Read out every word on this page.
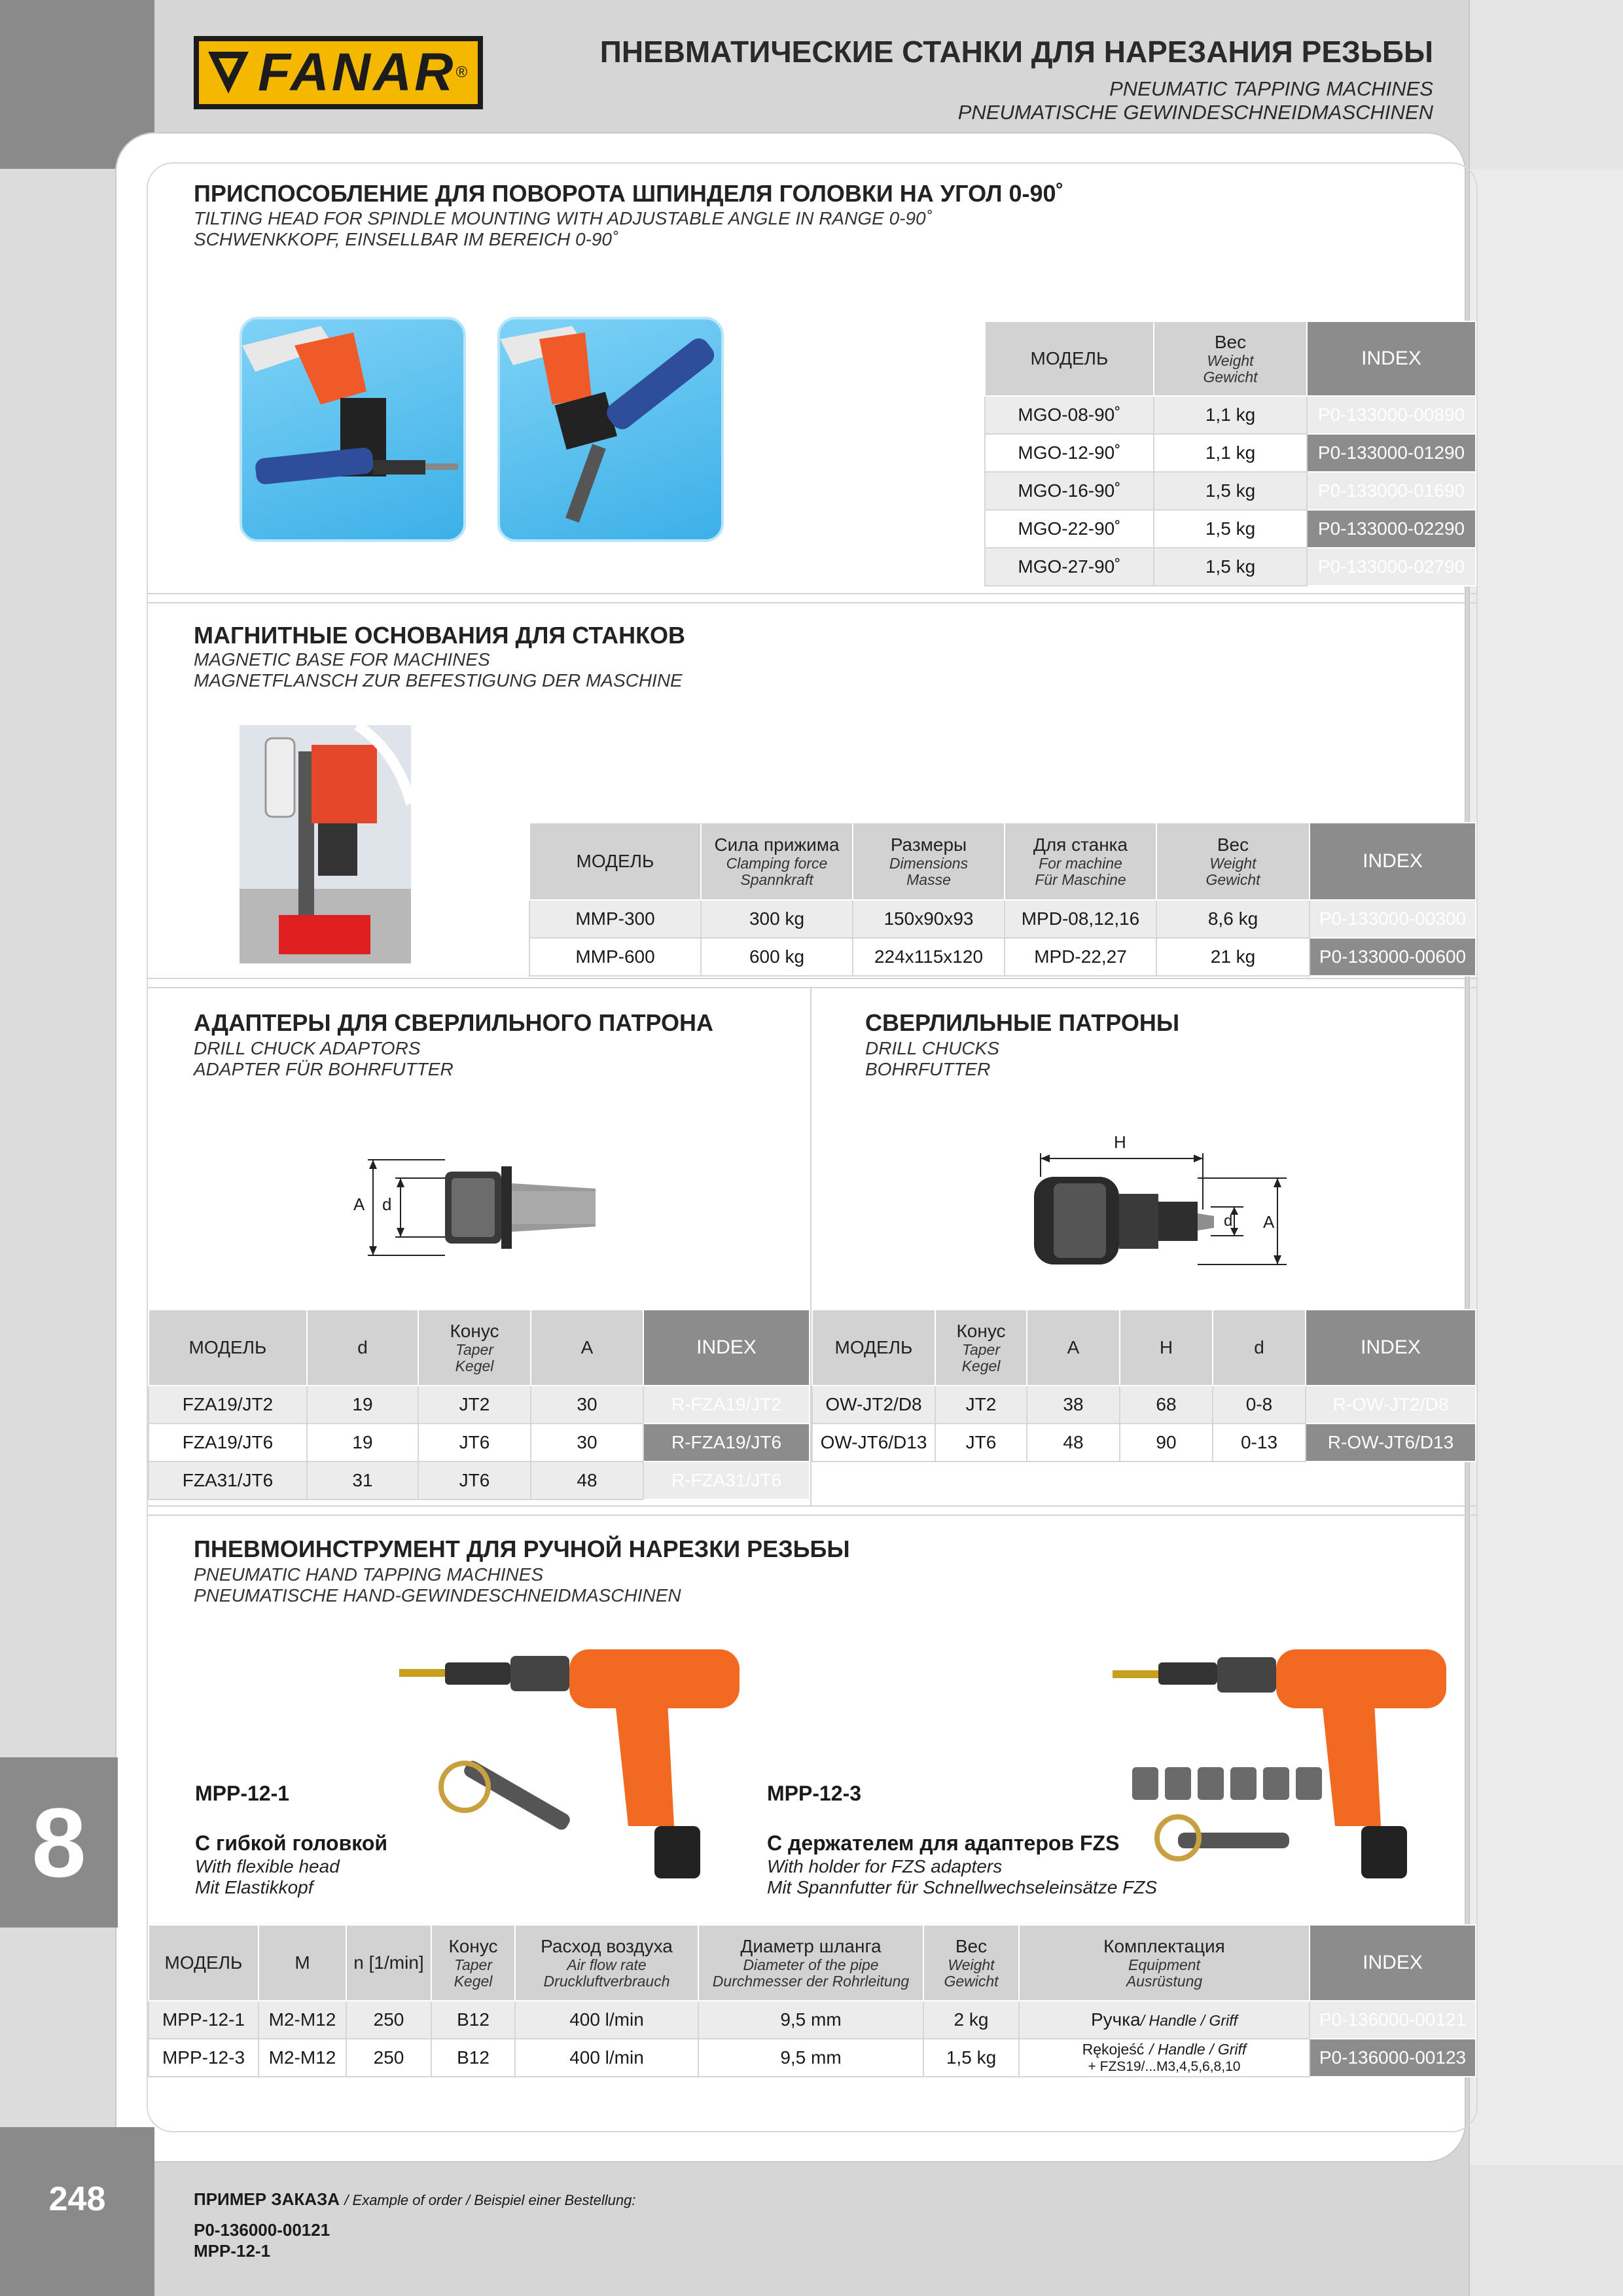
FANAR ®
ПНЕВМАТИЧЕСКИЕ СТАНКИ ДЛЯ НАРЕЗАНИЯ РЕЗЬБЫ
PNEUMATIC TAPPING MACHINES
PNEUMATISCHE GEWINDESCHNEIDMASCHINEN
ПРИСПОСОБЛЕНИЕ ДЛЯ ПОВОРОТА ШПИНДЕЛЯ ГОЛОВКИ НА УГОЛ 0-90˚
TILTING HEAD FOR SPINDLE MOUNTING WITH ADJUSTABLE ANGLE IN RANGE 0-90˚
SCHWENKKOPF, EINSELLBAR IM BEREICH 0-90˚
МОДЕЛЬ	Вес
Weight
Gewicht	INDEX
MGO-08-90˚	1,1 kg	P0-133000-00890
MGO-12-90˚	1,1 kg	P0-133000-01290
MGO-16-90˚	1,5 kg	P0-133000-01690
MGO-22-90˚	1,5 kg	P0-133000-02290
MGO-27-90˚	1,5 kg	P0-133000-02790
МАГНИТНЫЕ ОСНОВАНИЯ ДЛЯ СТАНКОВ
MAGNETIC BASE FOR MACHINES
MAGNETFLANSCH ZUR BEFESTIGUNG DER MASCHINE
МОДЕЛЬ	Сила прижима
Clamping force
Spannkraft	Размеры
Dimensions
Masse	Для станка
For machine
Für Maschine	Вес
Weight
Gewicht	INDEX
MMP-300	300 kg	150x90x93	MPD-08,12,16	8,6 kg	P0-133000-00300
MMP-600	600 kg	224x115x120	MPD-22,27	21 kg	P0-133000-00600
АДАПТЕРЫ ДЛЯ СВЕРЛИЛЬНОГО ПАТРОНА
DRILL CHUCK ADAPTORS
ADAPTER FÜR BOHRFUTTER
A d
СВЕРЛИЛЬНЫЕ ПАТРОНЫ
DRILL CHUCKS
BOHRFUTTER
H
d A
МОДЕЛЬ	d	Конус
Taper
Kegel	A	INDEX
FZA19/JT2	19	JT2	30	R-FZA19/JT2
FZA19/JT6	19	JT6	30	R-FZA19/JT6
FZA31/JT6	31	JT6	48	R-FZA31/JT6
МОДЕЛЬ	Конус
Taper
Kegel	A	H	d	INDEX
OW-JT2/D8	JT2	38	68	0-8	R-OW-JT2/D8
OW-JT6/D13	JT6	48	90	0-13	R-OW-JT6/D13
ПНЕВМОИНСТРУМЕНТ ДЛЯ РУЧНОЙ НАРЕЗКИ РЕЗЬБЫ
PNEUMATIC HAND TAPPING MACHINES
PNEUMATISCHE HAND-GEWINDESCHNEIDMASCHINEN
MPP-12-1
С гибкой головкой
With flexible head
Mit Elastikkopf
MPP-12-3
С держателем для адаптеров FZS
With holder for FZS adapters
Mit Spannfutter für Schnellwechseleinsätze FZS
МОДЕЛЬ	M	n [1/min]	Конус
Taper
Kegel	Расход воздуха
Air flow rate
Druckluftverbrauch	Диаметр шланга
Diameter of the pipe
Durchmesser der Rohrleitung	Вес
Weight
Gewicht	Комплектация
Equipment
Ausrüstung	INDEX
MPP-12-1	M2-M12	250	B12	400 l/min	9,5 mm	2 kg	Ручка/ Handle / Griff	P0-136000-00121
MPP-12-3	M2-M12	250	B12	400 l/min	9,5 mm	1,5 kg	Rękojeść / Handle / Griff
+ FZS19/...M3,4,5,6,8,10	P0-136000-00123
8
248	ПРИМЕР ЗАКАЗА / Example of order / Beispiel einer Bestellung:
P0-136000-00121
MPP-12-1
